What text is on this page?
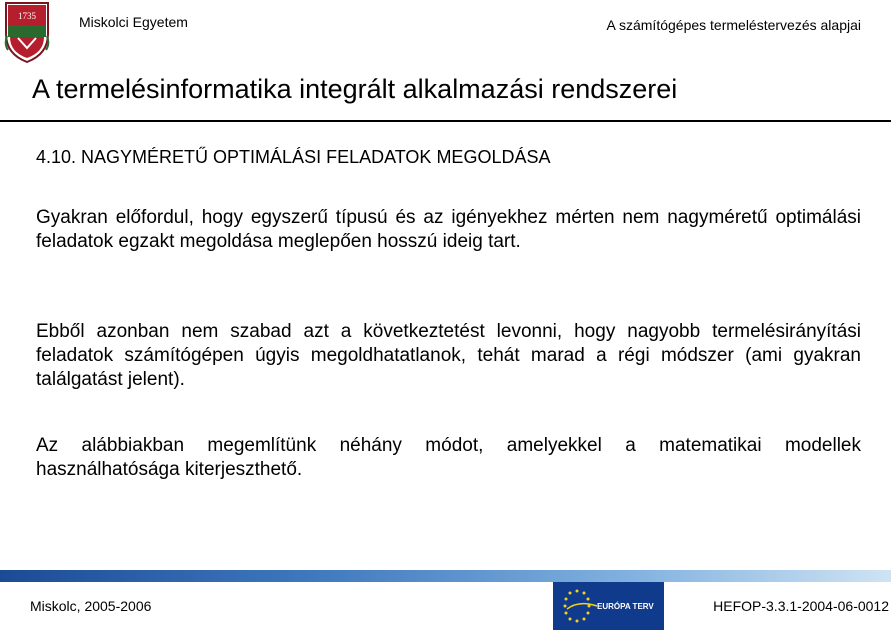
1735	Miskolci Egyetem	A számítógépes termeléstervezés alapjai
A termelésinformatika integrált alkalmazási rendszerei
4.10. NAGYMÉRETŰ OPTIMÁLÁSI FELADATOK MEGOLDÁSA

Gyakran előfordul, hogy egyszerű típusú és az igényekhez mérten nem nagyméretű optimálási feladatok egzakt megoldása meglepően hosszú ideig tart.

Ebből azonban nem szabad azt a következtetést levonni, hogy nagyobb termelésirányítási feladatok számítógépen úgyis megoldhatatlanok, tehát marad a régi módszer (ami gyakran találgatást jelent).

Az alábbiakban megemlítünk néhány módot, amelyekkel a matematikai modellek használhatósága kiterjeszthető.

Miskolc, 2005-2006	EURÓPA TERV	HEFOP-3.3.1-2004-06-0012
